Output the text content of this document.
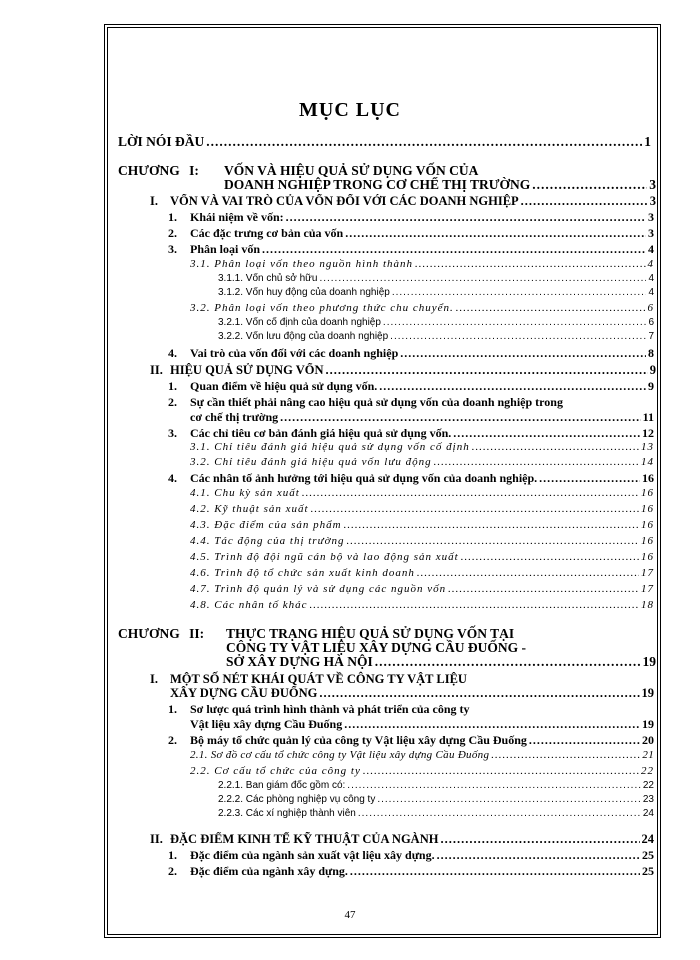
MỤC LỤC
LỜI NÓI ĐẦU .....	1
CHƯƠNG I: VỐN VÀ HIỆU QUẢ SỬ DỤNG VỐN CỦA
DOANH NGHIỆP TRONG CƠ CHẾ THỊ TRƯỜNG .....	3
I. VỐN VÀ VAI TRÒ CỦA VỐN ĐỐI VỚI CÁC DOANH NGHIỆP .....	3
1. Khái niệm về vốn: .....	3
2. Các đặc trưng cơ bản của vốn .....	3
3. Phân loại vốn .....	4
3.1. Phân loại vốn theo nguồn hình thành .....	4
3.1.1. Vốn chủ sở hữu .....	4
3.1.2. Vốn huy động của doanh nghiệp .....	4
3.2. Phân loại vốn theo phương thức chu chuyển. .....	6
3.2.1. Vốn cố định của doanh nghiệp .....	6
3.2.2. Vốn lưu động của doanh nghiệp .....	7
4. Vai trò của vốn đối với các doanh nghiệp .....	8
II. HIỆU QUẢ SỬ DỤNG VỐN .....	9
1. Quan điểm về hiệu quả sử dụng vốn. .....	9
2. Sự cần thiết phải nâng cao hiệu quả sử dụng vốn của doanh nghiệp trong
cơ chế thị trường .....	11
3. Các chỉ tiêu cơ bản đánh giá hiệu quả sử dụng vốn. .....	12
3.1. Chỉ tiêu đánh giá hiệu quả sử dụng vốn cố định .....	13
3.2. Chỉ tiêu đánh giá hiệu quả vốn lưu động .....	14
4. Các nhân tố ảnh hưởng tới hiệu quả sử dụng vốn của doanh nghiệp. .....	16
4.1. Chu kỳ sản xuất .....	16
4.2. Kỹ thuật sản xuất .....	16
4.3. Đặc điểm của sản phẩm .....	16
4.4. Tác động của thị trường .....	16
4.5. Trình độ đội ngũ cán bộ và lao động sản xuất .....	16
4.6. Trình độ tổ chức sản xuất kinh doanh .....	17
4.7. Trình độ quản lý và sử dụng các nguồn vốn .....	17
4.8. Các nhân tố khác .....	18
CHƯƠNG II: THỰC TRẠNG HIỆU QUẢ SỬ DỤNG VỐN TẠI
CÔNG TY VẬT LIỆU XÂY DỰNG CẦU ĐUỐNG -
SỞ XÂY DỰNG HÀ NỘI .....	19
I. MỘT SỐ NÉT KHÁI QUÁT VỀ CÔNG TY VẬT LIỆU
XÂY DỰNG CẦU ĐUỐNG .....	19
1. Sơ lược quá trình hình thành và phát triển của công ty
Vật liệu xây dựng Cầu Đuống .....	19
2. Bộ máy tổ chức quản lý của công ty Vật liệu xây dựng Cầu Đuống .....	20
2.1. Sơ đồ cơ cấu tổ chức công ty Vật liệu xây dựng Cầu Đuống .....	21
2.2. Cơ cấu tổ chức của công ty .....	22
2.2.1. Ban giám đốc gồm có: .....	22
2.2.2. Các phòng nghiệp vụ công ty .....	23
2.2.3. Các xí nghiệp thành viên .....	24
II. ĐẶC ĐIỂM KINH TẾ KỸ THUẬT CỦA NGÀNH .....	24
1. Đặc điểm của ngành sản xuất vật liệu xây dựng. .....	25
2. Đặc điểm của ngành xây dựng. .....	25
47
